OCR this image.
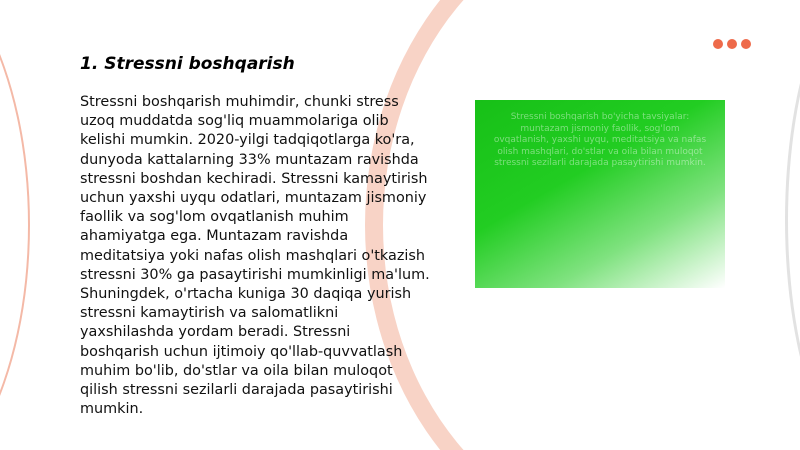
1. Stressni boshqarish

Stressni boshqarish muhimdir, chunki stress uzoq muddatda sog'liq muammolariga olib kelishi mumkin. 2020-yilgi tadqiqotlarga ko'ra, dunyoda kattalarning 33% muntazam ravishda stressni boshdan kechiradi. Stressni kamaytirish uchun yaxshi uyqu odatlari, muntazam jismoniy faollik va sog'lom ovqatlanish muhim ahamiyatga ega. Muntazam ravishda meditatsiya yoki nafas olish mashqlari o'tkazish stressni 30% ga pasaytirishi mumkinligi ma'lum. Shuningdek, o'rtacha kuniga 30 daqiqa yurish stressni kamaytirish va salomatlikni yaxshilashda yordam beradi. Stressni boshqarish uchun ijtimoiy qo'llab-quvvatlash muhim bo'lib, do'stlar va oila bilan muloqot qilish stressni sezilarli darajada pasaytirishi mumkin.

Stressni boshqarish bo'yicha tavsiyalar: muntazam jismoniy faollik, sog'lom ovqatlanish, yaxshi uyqu, meditatsiya va nafas olish mashqlari, do'stlar va oila bilan muloqot stressni sezilarli darajada pasaytirishi mumkin.
